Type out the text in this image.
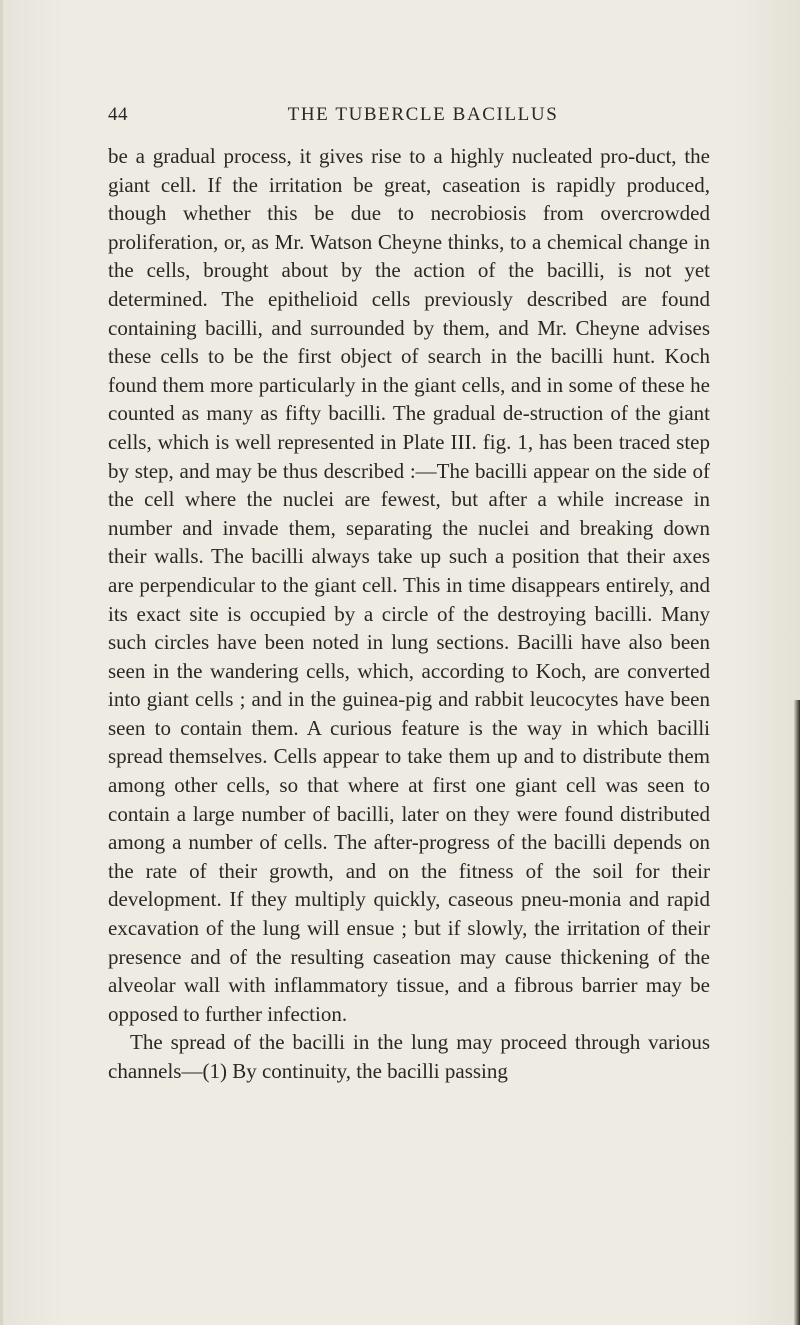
44	THE TUBERCLE BACILLUS

be a gradual process, it gives rise to a highly nucleated pro-duct, the giant cell. If the irritation be great, caseation is rapidly produced, though whether this be due to necrobiosis from overcrowded proliferation, or, as Mr. Watson Cheyne thinks, to a chemical change in the cells, brought about by the action of the bacilli, is not yet determined. The epithelioid cells previously described are found containing bacilli, and surrounded by them, and Mr. Cheyne advises these cells to be the first object of search in the bacilli hunt. Koch found them more particularly in the giant cells, and in some of these he counted as many as fifty bacilli. The gradual de-struction of the giant cells, which is well represented in Plate III. fig. 1, has been traced step by step, and may be thus described :—The bacilli appear on the side of the cell where the nuclei are fewest, but after a while increase in number and invade them, separating the nuclei and breaking down their walls. The bacilli always take up such a position that their axes are perpendicular to the giant cell. This in time disappears entirely, and its exact site is occupied by a circle of the destroying bacilli. Many such circles have been noted in lung sections. Bacilli have also been seen in the wandering cells, which, according to Koch, are converted into giant cells ; and in the guinea-pig and rabbit leucocytes have been seen to contain them. A curious feature is the way in which bacilli spread themselves. Cells appear to take them up and to distribute them among other cells, so that where at first one giant cell was seen to contain a large number of bacilli, later on they were found distributed among a number of cells. The after-progress of the bacilli depends on the rate of their growth, and on the fitness of the soil for their development. If they multiply quickly, caseous pneu-monia and rapid excavation of the lung will ensue ; but if slowly, the irritation of their presence and of the resulting caseation may cause thickening of the alveolar wall with inflammatory tissue, and a fibrous barrier may be opposed to further infection.

The spread of the bacilli in the lung may proceed through various channels—(1) By continuity, the bacilli passing
